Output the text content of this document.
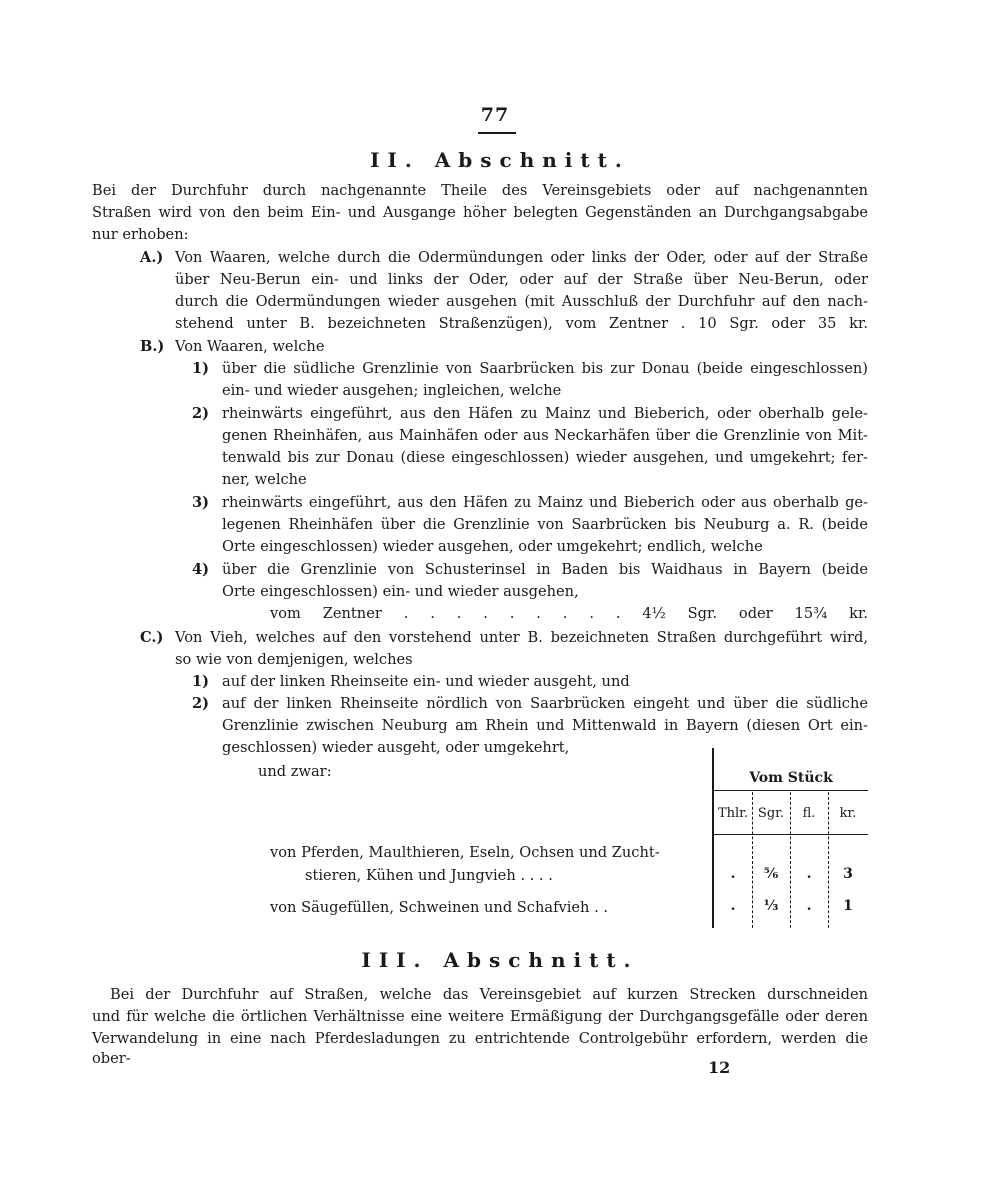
77
II. Abschnitt.
Bei der Durchfuhr durch nachgenannte Theile des Vereinsgebiets oder auf nachgenannten
Straßen wird von den beim Ein- und Ausgange höher belegten Gegenständen an Durchgangsabgabe
nur erhoben:
A.) Von Waaren, welche durch die Odermündungen oder links der Oder, oder auf der Straße
über Neu-Berun ein- und links der Oder, oder auf der Straße über Neu-Berun, oder
durch die Odermündungen wieder ausgehen (mit Ausschluß der Durchfuhr auf den nach-
stehend unter B. bezeichneten Straßenzügen), vom Zentner . 10 Sgr. oder 35 kr.
B.) Von Waaren, welche
1) über die südliche Grenzlinie von Saarbrücken bis zur Donau (beide eingeschlossen)
ein- und wieder ausgehen; ingleichen, welche
2) rheinwärts eingeführt, aus den Häfen zu Mainz und Bieberich, oder oberhalb gele-
genen Rheinhäfen, aus Mainhäfen oder aus Neckarhäfen über die Grenzlinie von Mit-
tenwald bis zur Donau (diese eingeschlossen) wieder ausgehen, und umgekehrt; fer-
ner, welche
3) rheinwärts eingeführt, aus den Häfen zu Mainz und Bieberich oder aus oberhalb ge-
legenen Rheinhäfen über die Grenzlinie von Saarbrücken bis Neuburg a. R. (beide
Orte eingeschlossen) wieder ausgehen, oder umgekehrt; endlich, welche
4) über die Grenzlinie von Schusterinsel in Baden bis Waidhaus in Bayern (beide
Orte eingeschlossen) ein- und wieder ausgehen,
vom Zentner . . . . . . . . . 4½ Sgr. oder 15¾ kr.
C.) Von Vieh, welches auf den vorstehend unter B. bezeichneten Straßen durchgeführt wird,
so wie von demjenigen, welches
1) auf der linken Rheinseite ein- und wieder ausgeht, und
2) auf der linken Rheinseite nördlich von Saarbrücken eingeht und über die südliche
Grenzlinie zwischen Neuburg am Rhein und Mittenwald in Bayern (diesen Ort ein-
geschlossen) wieder ausgeht, oder umgekehrt,
und zwar:	Vom Stück
Thlr. Sgr.	fl.	kr.
von Pferden, Maulthieren, Eseln, Ochsen und Zucht-
stieren, Kühen und Jungvieh . . . .	.	⅚	.	3
von Säugefüllen, Schweinen und Schafvieh . .	.	⅓	.	1
III. Abschnitt.
Bei der Durchfuhr auf Straßen, welche das Vereinsgebiet auf kurzen Strecken durschneiden
und für welche die örtlichen Verhältnisse eine weitere Ermäßigung der Durchgangsgefälle oder deren
Verwandelung in eine nach Pferdesladungen zu entrichtende Controlgebühr erfordern, werden die ober-	12
